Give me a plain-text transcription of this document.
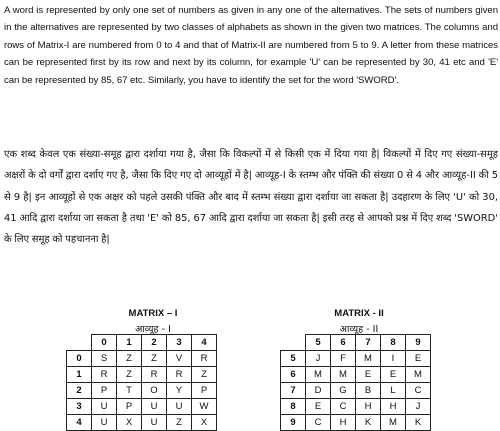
A word is represented by only one set of numbers as given in any one of the alternatives. The sets of numbers given in the alternatives are represented by two classes of alphabets as shown in the given two matrices. The columns and rows of Matrix-I are numbered from 0 to 4 and that of Matrix-II are numbered from 5 to 9. A letter from these matrices can be represented first by its row and next by its column, for example 'U' can be represented by 30, 41 etc and 'E' can be represented by 85, 67 etc. Similarly, you have to identify the set for the word 'SWORD'.
एक शब्द केवल एक संख्या-समूह द्वारा दर्शाया गया है, जैसा कि विकल्पों में से किसी एक में दिया गया है| विकल्पों में दिए गए संख्या-समूह अक्षरों के दो वर्गों द्वारा दर्शाए गए है, जैसा कि दिए गए दो आव्यूहों में है| आव्यूह-I के स्तम्भ और पंक्ति की संख्या 0 से 4 और आव्यूह-II की 5 से 9 है| इन आव्यूहों से एक अक्षर को पहले उसकी पंक्ति और बाद में स्तम्भ संख्या द्वारा दर्शाया जा सकता है| उदहारण के लिए 'U' को 30, 41 आदि द्वारा दर्शाया जा सकता है तथा 'E' को 85, 67 आदि द्वारा दर्शाया जा सकता है| इसी तरह से आपको प्रश्न में दिए शब्द 'SWORD' के लिए समूह को पहचानना है|
MATRIX – I
आव्यूह - I
	0	1	2	3	4
0	S	Z	Z	V	R
1	R	Z	R	R	Z
2	P	T	O	Y	P
3	U	P	U	U	W
4	U	X	U	Z	X
MATRIX - II
आव्यूह - II
	5	6	7	8	9
5	J	F	M	I	E
6	M	M	E	E	M
7	D	G	B	L	C
8	E	C	H	H	J
9	C	H	K	M	K
